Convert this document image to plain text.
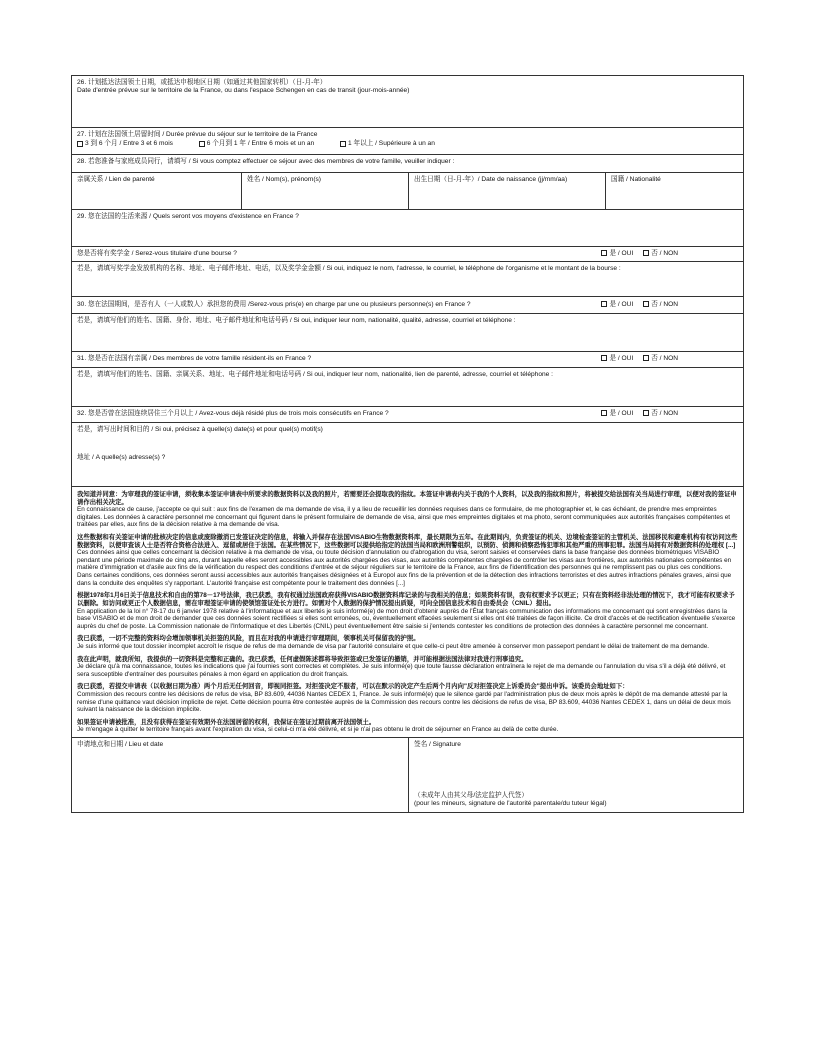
26. 计划抵达法国领土日期，或抵达申根地区日期（如通过其他国家转机）（日-月-年）
Date d'entrée prévue sur le territoire de la France, ou dans l'espace Schengen en cas de transit (jour-mois-année)
27. 计划在法国领土居留时间 / Durée prévue du séjour sur le territoire de la France
3 到 6 个月 / Entre 3 et 6 mois
	6 个月到 1 年 / Entre 6 mois et un an
	1 年以上 / Supérieure à un an
28. 若您准备与家庭成员同行，请填写 / Si vous comptez effectuer ce séjour avec des membres de votre famille, veuiller indiquer :
亲属关系 / Lien de parenté	姓名 / Nom(s), prénom(s)	出生日期（日-月-年）/ Date de naissance (jj/mm/aa)	国籍 / Nationalité
29. 您在法国的生活来源 / Quels seront vos moyens d'existence en France ?
您是否将有奖学金 / Serez-vous titulaire d'une bourse ?	是 / OUI	否 / NON
若是，请填写奖学金发放机构的名称、地址、电子邮件地址、电话，以及奖学金金额 / Si oui, indiquez le nom, l'adresse, le courriel, le téléphone de l'organisme et le montant de la bourse :
30. 您在法国期间，是否有人（一人或数人）承担您的费用 /Serez-vous pris(e) en charge par une ou plusieurs personne(s) en France ?	是 / OUI	否 / NON
若是，请填写他们的姓名、国籍、身份、地址、电子邮件地址和电话号码 / Si oui, indiquer leur nom, nationalité, qualité, adresse, courriel et téléphone :
31. 您是否在法国有亲属 / Des membres de votre famille résident-ils en France ?	是 / OUI	否 / NON
若是，请填写他们的姓名、国籍、亲属关系、地址、电子邮件地址和电话号码 / Si oui, indiquer leur nom, nationalité, lien de parenté, adresse, courriel et téléphone :
32. 您是否曾在法国连续居住三个月以上 / Avez-vous déjà résidé plus de trois mois consécutifs en France ?	是 / OUI	否 / NON
若是，请写出时间和目的 / Si oui, précisez à quelle(s) date(s) et pour quel(s) motif(s)
地址 / A quelle(s) adresse(s) ?
我知道并同意：为审理我的签证申请，须收集本签证申请表中所要求的数据资料以及我的照片，若需要还会提取我的指纹。本签证申请表内关于我的个人资料，以及我的指纹和照片，将被提交给法国有关当局进行审理，以便对我的签证申请作出相关决定。
En connaissance de cause, j'accepte ce qui suit : aux fins de l'examen de ma demande de visa, il y a lieu de recueillir les données requises dans ce formulaire, de me photographier et, le cas échéant, de prendre mes empreintes digitales. Les données à caractère personnel me concernant qui figurent dans le présent formulaire de demande de visa, ainsi que mes empreintes digitales et ma photo, seront communiquées aux autorités françaises compétentes et traitées par elles, aux fins de la décision relative à ma demande de visa.
这些数据和有关签证申请的批核决定的信息或废除撤消已发签证决定的信息，将输入并保存在法国VISABIO生物数据资料库，最长期限为五年。在此期间内，负责签证的机关、边境检查签证的主管机关、法国移民和避难机构有权访问这些数据资料，以便审查该人士是否符合资格合法进入、逗留或居住于法国。在某些情况下，这些数据可以提供给指定的法国当局和欧洲刑警组织，以预防、侦测和侦察恐怖犯罪和其他严重的刑事犯罪。法国当局拥有对数据资料的处理权 [...]
Ces données ainsi que celles concernant la décision relative à ma demande de visa, ou toute décision d'annulation ou d'abrogation du visa, seront saisies et conservées dans la base française des données biométriques VISABIO pendant une période maximale de cinq ans, durant laquelle elles seront accessibles aux autorités chargées des visas, aux autorités compétentes chargées de contrôler les visas aux frontières, aux autorités nationales compétentes en matière d'immigration et d'asile aux fins de la vérification du respect des conditions d'entrée et de séjour réguliers sur le territoire de la France, aux fins de l'identification des personnes qui ne remplissent pas ou plus ces conditions. Dans certaines conditions, ces données seront aussi accessibles aux autorités françaises désignées et à Europol aux fins de la prévention et de la détection des infractions terroristes et des autres infractions pénales graves, ainsi que dans la conduite des enquêtes s'y rapportant. L'autorité française est compétente pour le traitement des données [...]
根据1978年1月6日关于信息技术和自由的第78－17号法律，我已获悉，我有权通过法国政府获得VISABIO数据资料库记录的与我相关的信息；如果资料有误，我有权要求予以更正；只有在资料经非法处理的情况下，我才可能有权要求予以删除。如访问或更正个人数据信息，需在审理签证申请的使领馆签证处长方进行。如需对个人数据的保护情况提出质疑，可向全国信息技术和自由委员会（CNIL）提出。
En application de la loi n° 78-17 du 6 janvier 1978 relative à l'informatique et aux libertés je suis informé(e) de mon droit d'obtenir auprès de l'État français communication des informations me concernant qui sont enregistrées dans la base VISABIO et de mon droit de demander que ces données soient rectifiées si elles sont erronées, ou, éventuellement effacées seulement si elles ont été traitées de façon illicite. Ce droit d'accès et de rectification éventuelle s'exerce auprès du chef de poste. La Commission nationale de l'Informatique et des Libertés (CNIL) peut éventuellement être saisie si j'entends contester les conditions de protection des données à caractère personnel me concernant.
我已获悉，一切不完整的资料均会增加领事机关拒签的风险，而且在对我的申请进行审理期间，领事机关可保留我的护照。
Je suis informé que tout dossier incomplet accroît le risque de refus de ma demande de visa par l'autorité consulaire et que celle-ci peut être amenée à conserver mon passeport pendant le délai de traitement de ma demande.
我在此声明，就我所知，我提供的一切资料是完整和正确的。我已获悉，任何虚假陈述都将导致拒签或已发签证的撤销，并可能根据法国法律对我进行刑事追究。
Je déclare qu'à ma connaissance, toutes les indications que j'ai fournies sont correctes et complètes. Je suis informé(e) que toute fausse déclaration entraînera le rejet de ma demande ou l'annulation du visa s'il a déjà été délivré, et sera susceptible d'entraîner des poursuites pénales à mon égard en application du droit français.
我已获悉，若提交申请表（以收据日期为准）两个月后无任何回音，即视同拒签。对拒签决定不服者，可以在默示的决定产生后两个月内向"反对拒签决定上诉委员会"提出申诉。该委员会地址如下：
Commission des recours contre les décisions de refus de visa, BP 83.609, 44036 Nantes CEDEX 1, France. Je suis informé(e) que le silence gardé par l'administration plus de deux mois après le dépôt de ma demande attesté par la remise d'une quittance vaut décision implicite de rejet. Cette décision pourra être contestée auprès de la Commission des recours contre les décisions de refus de visa, BP 83.609, 44036 Nantes CEDEX 1, dans un délai de deux mois suivant la naissance de la décision implicite.
如果签证申请被批准，且没有获得在签证有效期外在法国居留的权利，我保证在签证过期前离开法国领土。
Je m'engage à quitter le territoire français avant l'expiration du visa, si celui-ci m'a été délivré, et si je n'ai pas obtenu le droit de séjourner en France au delà de cette durée.
申请地点和日期 / Lieu et date	签名 / Signature
（未成年人由其父母/法定监护人代签）
(pour les mineurs, signature de l'autorité parentale/du tuteur légal)
